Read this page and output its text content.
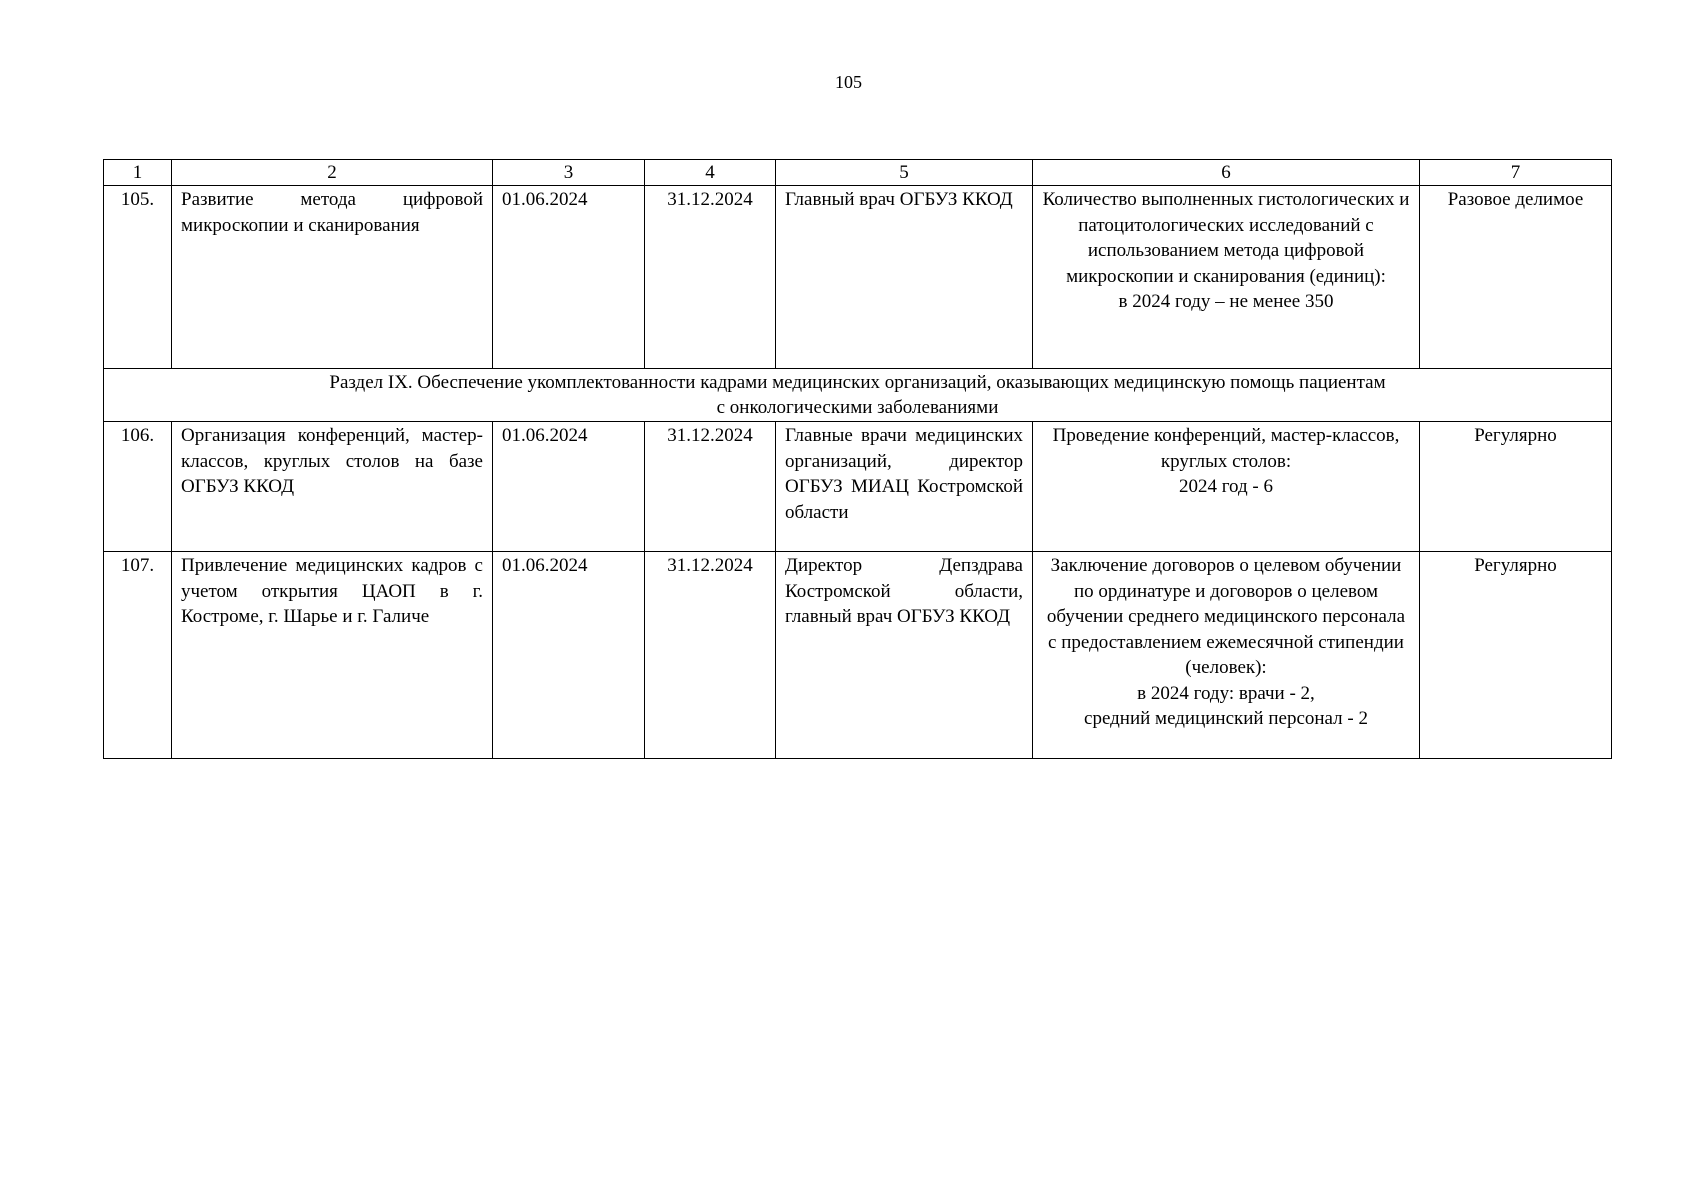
105
1	2	3	4	5	6	7
105.	Развитие метода цифровой микроскопии и сканирования	01.06.2024	31.12.2024	Главный врач ОГБУЗ ККОД	Количество выполненных гистологических и патоцитологических исследований с использованием метода цифровой микроскопии и сканирования (единиц):
в 2024 году – не менее 350	Разовое делимое

Раздел IX. Обеспечение укомплектованности кадрами медицинских организаций, оказывающих медицинскую помощь пациентам
с онкологическими заболеваниями						

106.	Организация конференций, мастер-классов, круглых столов на базе ОГБУЗ ККОД	01.06.2024	31.12.2024	Главные врачи медицинских организаций, директор ОГБУЗ МИАЦ Костромской области	Проведение конференций, мастер-классов, круглых столов:
2024 год - 6	Регулярно
107.	Привлечение медицинских кадров с учетом открытия ЦАОП в г. Костроме, г. Шарье и г. Галиче	01.06.2024	31.12.2024	Директор Депздрава Костромской области, главный врач ОГБУЗ ККОД	Заключение договоров о целевом обучении по ординатуре и договоров о целевом обучении среднего медицинского персонала с предоставлением ежемесячной стипендии (человек):
в 2024 году: врачи - 2,
средний медицинский персонал - 2	Регулярно
